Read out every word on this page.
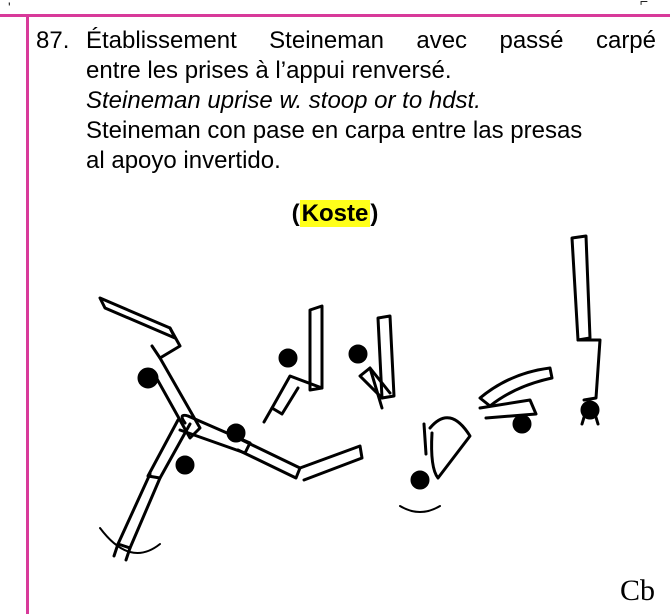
'	⌐
87. Établissement Steineman avec passé carpé
entre les prises à l’appui renversé.
Steineman uprise w. stoop or to hdst.
Steineman con pase en carpa entre las presas
al apoyo invertido.
(Koste)
Cb
